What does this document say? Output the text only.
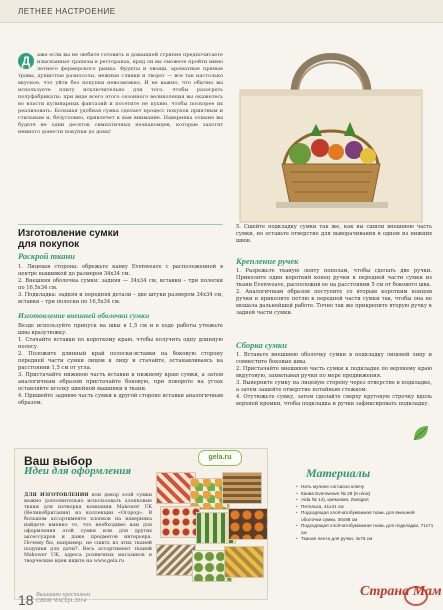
ЛЕТНЕЕ НАСТРОЕНИЕ
Д	аже если вы не любите готовить и домашней стряпне предпочитаете изысканные трапезы в ресторанах, вряд ли вы сможете пройти мимо летнего фермерского рынка. Фрукты и овощи, ароматные пряные травы, душистые разносолы, нежные сливки и творог — все так настолько вкусное, что уйти без покупки невозможно. И не важно, что обычно вы используете плиту исключительно для того, чтобы разогреть полуфабрикаты: при виде всего этого сезонного великолепия вы окажетесь во власти кулинарных фантазий и посетите не кухню, чтобы поскорее их реализовать. Большая удобная сумка сделает процесс покупок приятным и стильным и, безусловно, привлечет к вам внимание. Наверняка отныне вы будете не одни десяток симпатичных незнакомцев, которые захотят немного донести покупки до дома!
Изготовление сумки
для покупок
Раскрой ткани

1. Лицевая сторона: обрежьте канву Evenweave с расположенной в центре вышивкой до размеров 34х34 см.
2. Внешняя оболочка сумки: задняя — 34х34 см, вставки – три полоски по 16,5х34 см.
3. Подкладка: задняя и передняя детали – две штуки размером 34х34 см, вставки – три полоски по 16,5х34 см.

Изготовление внешней оболочки сумки

Везде используйте припуск на швы в 1,5 см и в ходе работы утюжьте швы вразутюжку.
1. Стачайте вставки по короткому краю, чтобы получить одну длинную полосу.
2. Положите длинный край полоски-вставки на боковую сторону передней части сумки лицом к лицу и стачайте, останавливаясь на расстоянии 1,5 см от угла.
3. Пристачайте нижнюю часть вставки к нижнему краю сумки, а затем аналогичным образом пристачайте боковую, при повороте на углах оставляйте иголку швейной машинки в ткани.
4. Пришейте заднюю часть сумки к другой стороне вставки аналогичным образом.

5. Сшейте подкладку сумки так же, как вы сшили внешнюю часть сумки, но оставьте отверстие для выворачивания в одном из нижних швов.

Крепление ручек

1. Разрежьте тканую ленту пополам, чтобы сделать две ручки. Приколите один короткий конец ручки к передней части сумки из ткани Evenweave, расположив ее на расстоянии 5 см от бокового шва.
2. Аналогичным образом поступите со вторым коротким концом ручки и приколите петлю к передней части сумки так, чтобы она не мешала дальнейшей работе. Точно так же прикрепите вторую ручку к задней части сумки.

Сборка сумки

1. Вставьте внешнюю оболочку сумки в подкладку лицевой лицу и совместите боковые швы.
2. Пристачайте внешнюю часть сумки к подкладке по верхнему краю вкруговую, захватывая ручки по мере продвижения.
3. Выверните сумку на лицевую сторону через отверстие в подкладке, а затем зашейте отверстие потайным стежком.
4. Отутюжьте сумку, затем сделайте сверху круговую строчку вдоль верхней кромки, чтобы подкладка и ручки зафиксировать подкладку.

Ваш выбор
Идеи для оформления
gela.ru
ДЛЯ ИЗГОТОВЛЕНИЯ или декор этой сумки можно дополнительно использовать хлопковые ткани для пэчворка компании Makower UK (Великобритания) из коллекции «Огород». В большом ассортименте хлопков на наверняка найдете именно то, что необходимо вам для оформления этой сумки или для других аксессуаров и даже предметов интерьера. Почему бы, например, не сшить из этих тканей подушки для дачи?. Весь ассортимент тканей Makower UK, адреса розничных магазинов и творческие идеи ищите на www.gela.ru
Материалы
• Нить мулине согласно ключу
• Канва Evenweave № 28 (6 н/см)
• Aida № 14), кремовая, Zweigart
• Петелька, 41х41 см
• Подходящая хлопчатобумажная ткань для внешней оболочки сумки, 36х88 см
• Подходящая хлопчатобумажная ткань для подкладки, 71х71 см
• Тканая лента для ручки, 4х76 см
18 Вышиваю крестиком
СВОЯ ЧАСЦА 2014
Страна Мам
